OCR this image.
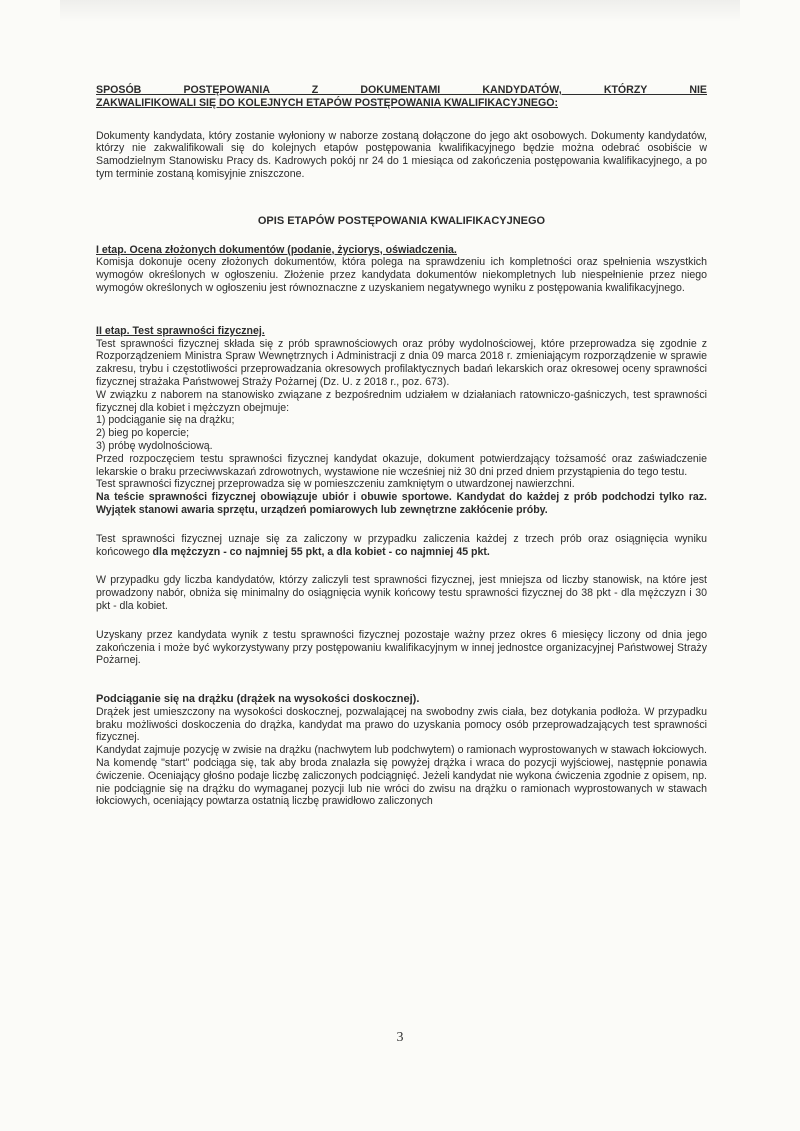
SPOSÓB POSTĘPOWANIA Z DOKUMENTAMI KANDYDATÓW, KTÓRZY NIE

ZAKWALIFIKOWALI SIĘ DO KOLEJNYCH ETAPÓW POSTĘPOWANIA KWALIFIKACYJNEGO:

Dokumenty kandydata, który zostanie wyłoniony w naborze zostaną dołączone do jego akt osobowych. Dokumenty kandydatów, którzy nie zakwalifikowali się do kolejnych etapów postępowania kwalifikacyjnego będzie można odebrać osobiście w Samodzielnym Stanowisku Pracy ds. Kadrowych pokój nr 24 do 1 miesiąca od zakończenia postępowania kwalifikacyjnego, a po tym terminie zostaną komisyjnie zniszczone.

OPIS ETAPÓW POSTĘPOWANIA KWALIFIKACYJNEGO

I etap. Ocena złożonych dokumentów (podanie, życiorys, oświadczenia.

Komisja dokonuje oceny złożonych dokumentów, która polega na sprawdzeniu ich kompletności oraz spełnienia wszystkich wymogów określonych w ogłoszeniu. Złożenie przez kandydata dokumentów niekompletnych lub niespełnienie przez niego wymogów określonych w ogłoszeniu jest równoznaczne z uzyskaniem negatywnego wyniku z postępowania kwalifikacyjnego.

II etap. Test sprawności fizycznej.

Test sprawności fizycznej składa się z prób sprawnościowych oraz próby wydolnościowej, które przeprowadza się zgodnie z Rozporządzeniem Ministra Spraw Wewnętrznych i Administracji z dnia 09 marca 2018 r. zmieniającym rozporządzenie w sprawie zakresu, trybu i częstotliwości przeprowadzania okresowych profilaktycznych badań lekarskich oraz okresowej oceny sprawności fizycznej strażaka Państwowej Straży Pożarnej (Dz. U. z 2018 r., poz. 673).

W związku z naborem na stanowisko związane z bezpośrednim udziałem w działaniach ratowniczo-gaśniczych, test sprawności fizycznej dla kobiet i mężczyzn obejmuje:

1) podciąganie się na drążku;

2) bieg po kopercie;

3) próbę wydolnościową.

Przed rozpoczęciem testu sprawności fizycznej kandydat okazuje, dokument potwierdzający tożsamość oraz zaświadczenie lekarskie o braku przeciwwskazań zdrowotnych, wystawione nie wcześniej niż 30 dni przed dniem przystąpienia do tego testu.

Test sprawności fizycznej przeprowadza się w pomieszczeniu zamkniętym o utwardzonej nawierzchni.

Na teście sprawności fizycznej obowiązuje ubiór i obuwie sportowe. Kandydat do każdej z prób podchodzi tylko raz. Wyjątek stanowi awaria sprzętu, urządzeń pomiarowych lub zewnętrzne zakłócenie próby.

Test sprawności fizycznej uznaje się za zaliczony w przypadku zaliczenia każdej z trzech prób oraz osiągnięcia wyniku końcowego dla mężczyzn - co najmniej 55 pkt, a dla kobiet - co najmniej 45 pkt.

W przypadku gdy liczba kandydatów, którzy zaliczyli test sprawności fizycznej, jest mniejsza od liczby stanowisk, na które jest prowadzony nabór, obniża się minimalny do osiągnięcia wynik końcowy testu sprawności fizycznej do 38 pkt - dla mężczyzn i 30 pkt - dla kobiet.

Uzyskany przez kandydata wynik z testu sprawności fizycznej pozostaje ważny przez okres 6 miesięcy liczony od dnia jego zakończenia i może być wykorzystywany przy postępowaniu kwalifikacyjnym w innej jednostce organizacyjnej Państwowej Straży Pożarnej.

Podciąganie się na drążku (drążek na wysokości doskocznej).

Drążek jest umieszczony na wysokości doskocznej, pozwalającej na swobodny zwis ciała, bez dotykania podłoża. W przypadku braku możliwości doskoczenia do drążka, kandydat ma prawo do uzyskania pomocy osób przeprowadzających test sprawności fizycznej.

Kandydat zajmuje pozycję w zwisie na drążku (nachwytem lub podchwytem) o ramionach wyprostowanych w stawach łokciowych. Na komendę "start" podciąga się, tak aby broda znalazła się powyżej drążka i wraca do pozycji wyjściowej, następnie ponawia ćwiczenie. Oceniający głośno podaje liczbę zaliczonych podciągnięć. Jeżeli kandydat nie wykona ćwiczenia zgodnie z opisem, np. nie podciągnie się na drążku do wymaganej pozycji lub nie wróci do zwisu na drążku o ramionach wyprostowanych w stawach łokciowych, oceniający powtarza ostatnią liczbę prawidłowo zaliczonych

3
